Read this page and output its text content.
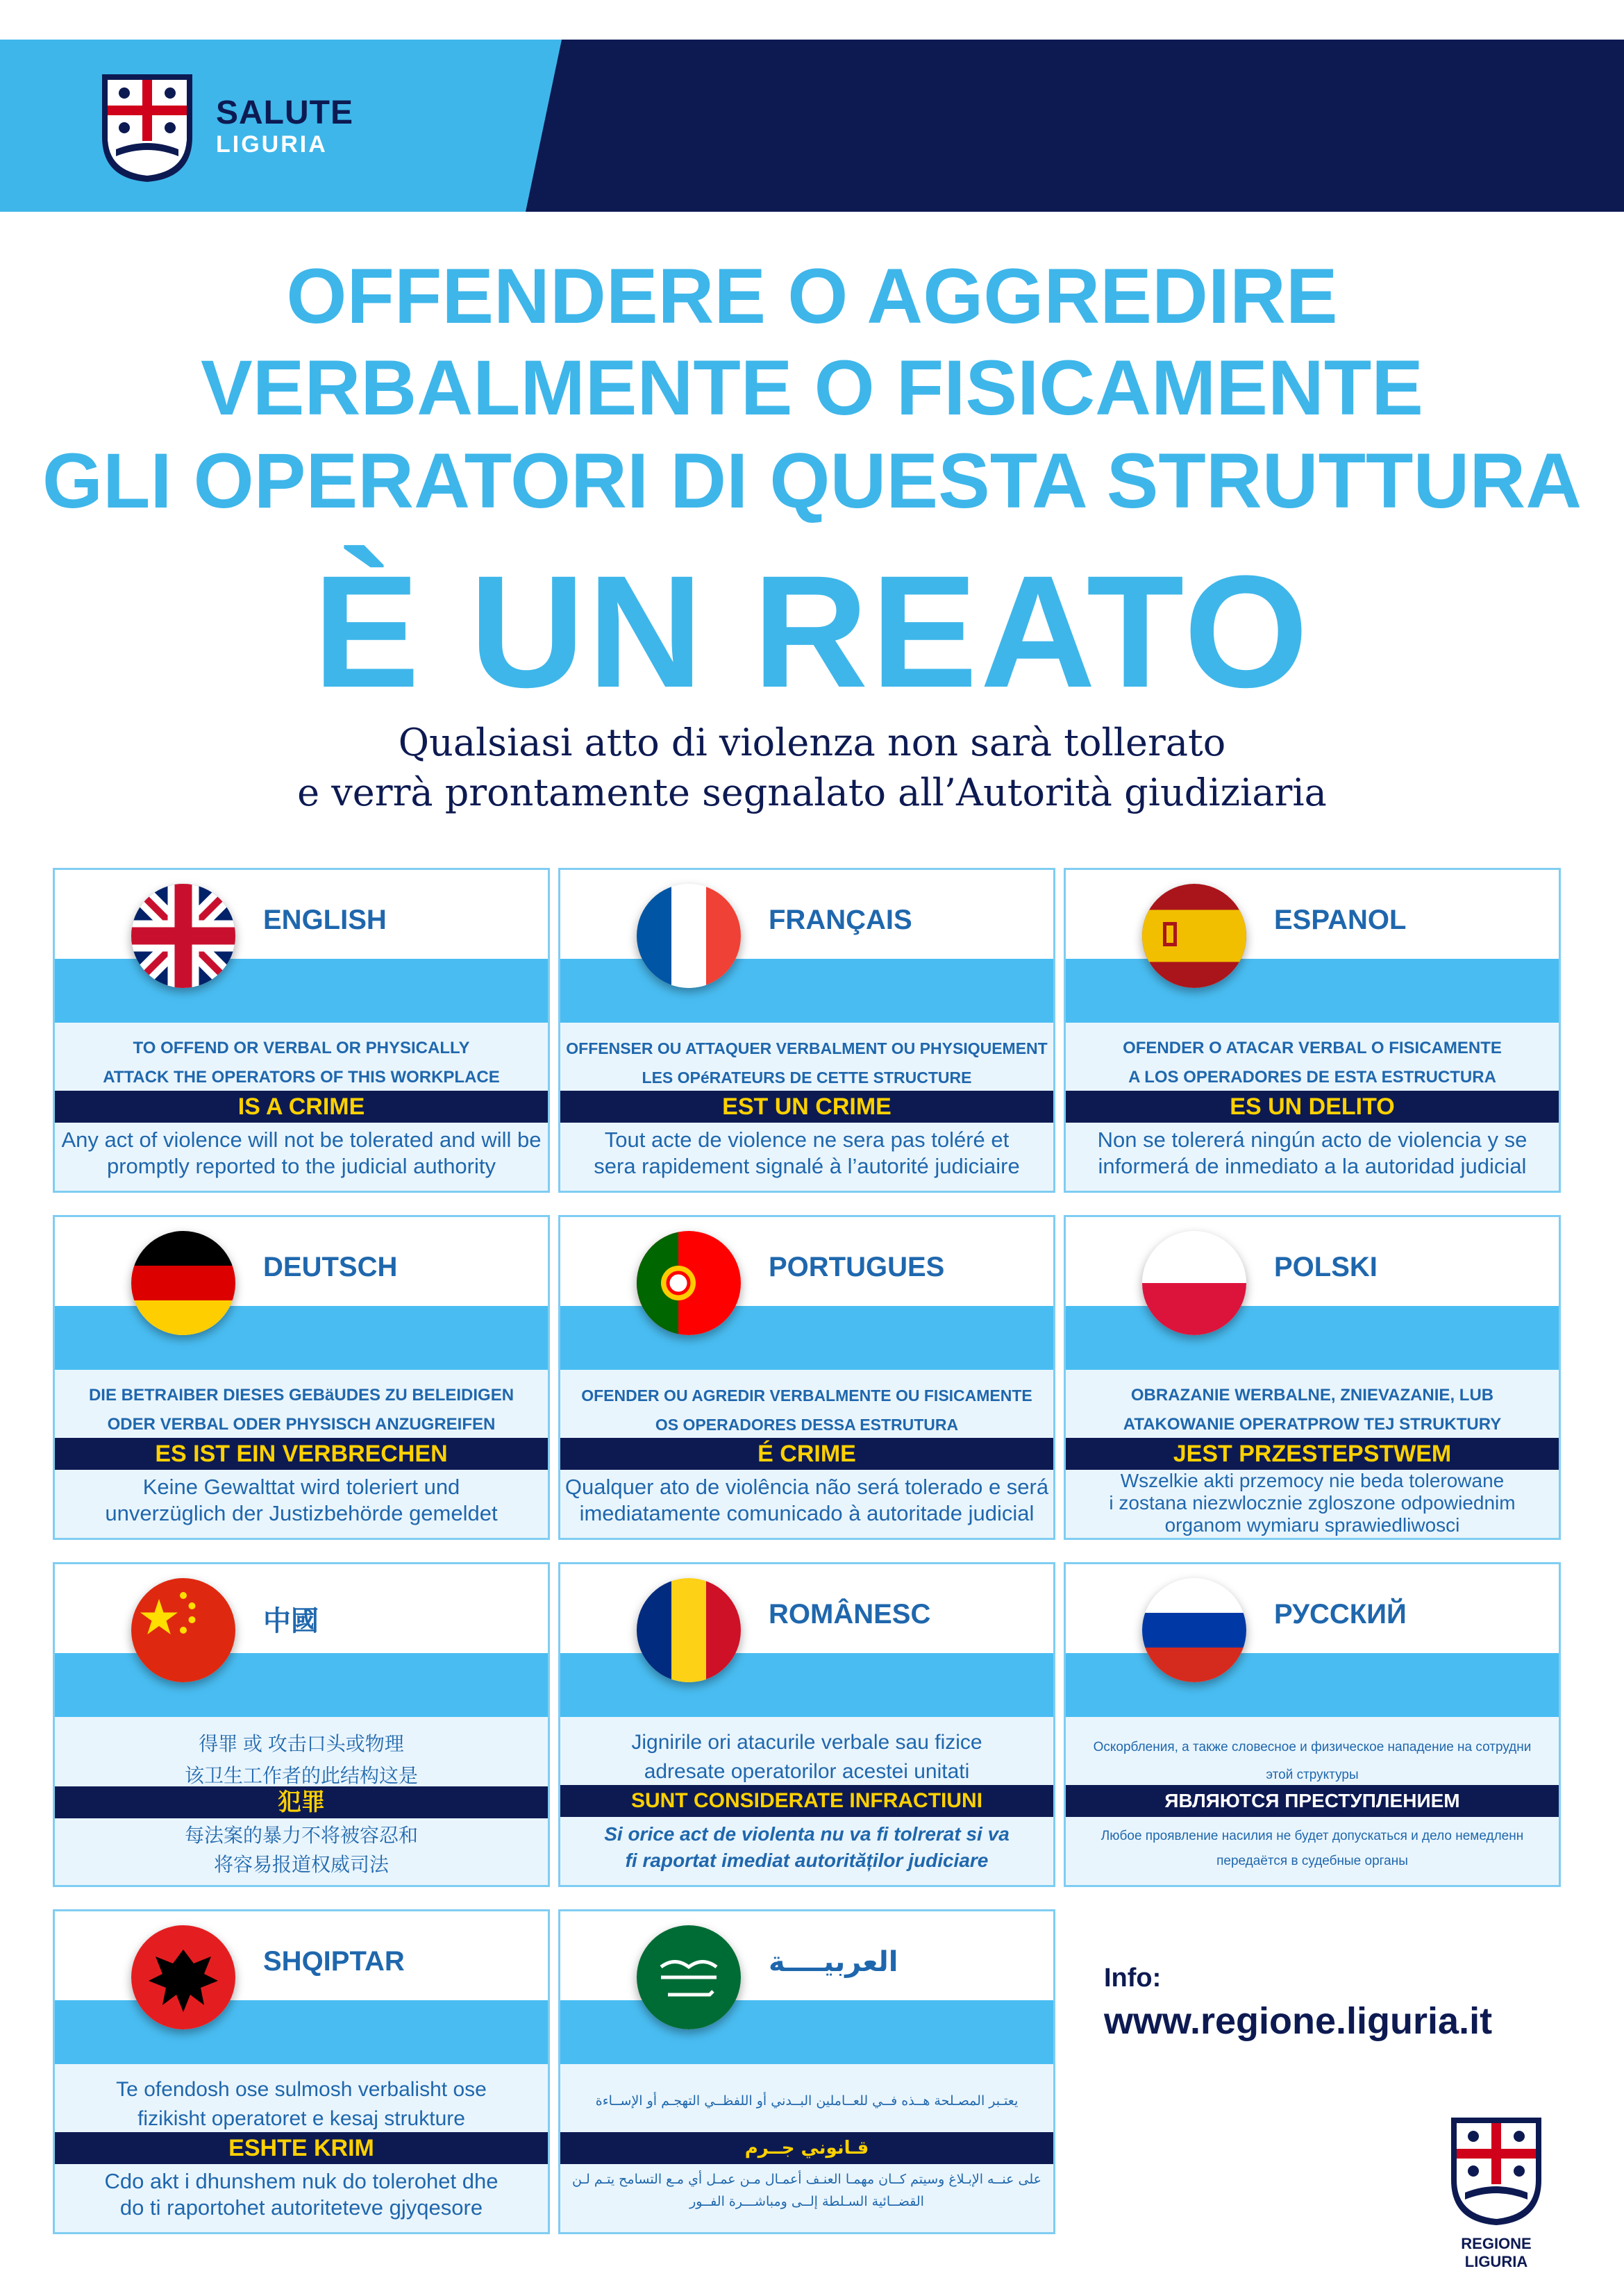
SALUTE
LIGURIA
OFFENDERE O AGGREDIRE
VERBALMENTE O FISICAMENTE
GLI OPERATORI DI QUESTA STRUTTURA
È UN REATO
Qualsiasi atto di violenza non sarà tollerato
e verrà prontamente segnalato all’Autorità giudiziaria
ENGLISH
TO OFFEND OR VERBAL OR PHYSICALLY
ATTACK THE OPERATORS OF THIS WORKPLACE
IS A CRIME
Any act of violence will not be tolerated and will be
promptly reported to the judicial authority
FRANÇAIS
OFFENSER OU ATTAQUER VERBALMENT OU PHYSIQUEMENT
LES OPéRATEURS DE CETTE STRUCTURE
EST UN CRIME
Tout acte de violence ne sera pas toléré et
sera rapidement signalé à l’autorité judiciaire
ESPANOL
OFENDER O ATACAR VERBAL O FISICAMENTE
A LOS OPERADORES DE ESTA ESTRUCTURA
ES UN DELITO
Non se tolererá ningún acto de violencia y se
informerá de inmediato a la autoridad judicial
DEUTSCH
DIE BETRAIBER DIESES GEBäUDES ZU BELEIDIGEN
ODER VERBAL ODER PHYSISCH ANZUGREIFEN
ES IST EIN VERBRECHEN
Keine Gewalttat wird toleriert und
unverzüglich der Justizbehörde gemeldet
PORTUGUES
OFENDER OU AGREDIR VERBALMENTE OU FISICAMENTE
OS OPERADORES DESSA ESTRUTURA
É CRIME
Qualquer ato de violência não será tolerado e será
imediatamente comunicado à autoritade judicial
POLSKI
OBRAZANIE WERBALNE, ZNIEVAZANIE, LUB
ATAKOWANIE OPERATPROW TEJ STRUKTURY
JEST PRZESTEPSTWEM
Wszelkie akti przemocy nie beda tolerowane
i zostana niezwlocznie zgloszone odpowiednim
organom wymiaru sprawiedliwosci
中國
得罪 或 攻击口头或物理
该卫生工作者的此结构这是
犯罪
每法案的暴力不将被容忍和
将容易报道权威司法
ROMÂNESC
Jignirile ori atacurile verbale sau fizice
adresate operatorilor acestei unitati
SUNT CONSIDERATE INFRACTIUNI
Si orice act de violenta nu va fi tolrerat si va
fi raportat imediat autorităților judiciare
РУССКИЙ
Оскорбления, а также словесное и физическое нападение на сотрудни
этой структуры
ЯВЛЯЮТСЯ ПРЕСТУПЛЕНИЕМ
Любое проявление насилия не будет допускаться и дело немедленн
передаётся в судебные органы
SHQIPTAR
Te ofendosh ose sulmosh verbalisht ose
fizikisht operatoret e kesaj strukture
ESHTE KRIM
Cdo akt i dhunshem nuk do tolerohet dhe
do ti raportohet autoriteteve gjyqesore
العربيــــة
يعتـبر المصـلحة هــذه فــي للعــاملين البــدني أو اللفظــي التهجـم أو الإســاءة
قـانوني جــرم
على عنــه الإبـلاغ وسيتم كــان مهمـا العنـف أعمـال مـن عمـل أي مـع التسامح يتـم لـن
القضــائية السـلطة إلــى ومباشـــرة الفــور
Info:
www.regione.liguria.it
REGIONE LIGURIA
